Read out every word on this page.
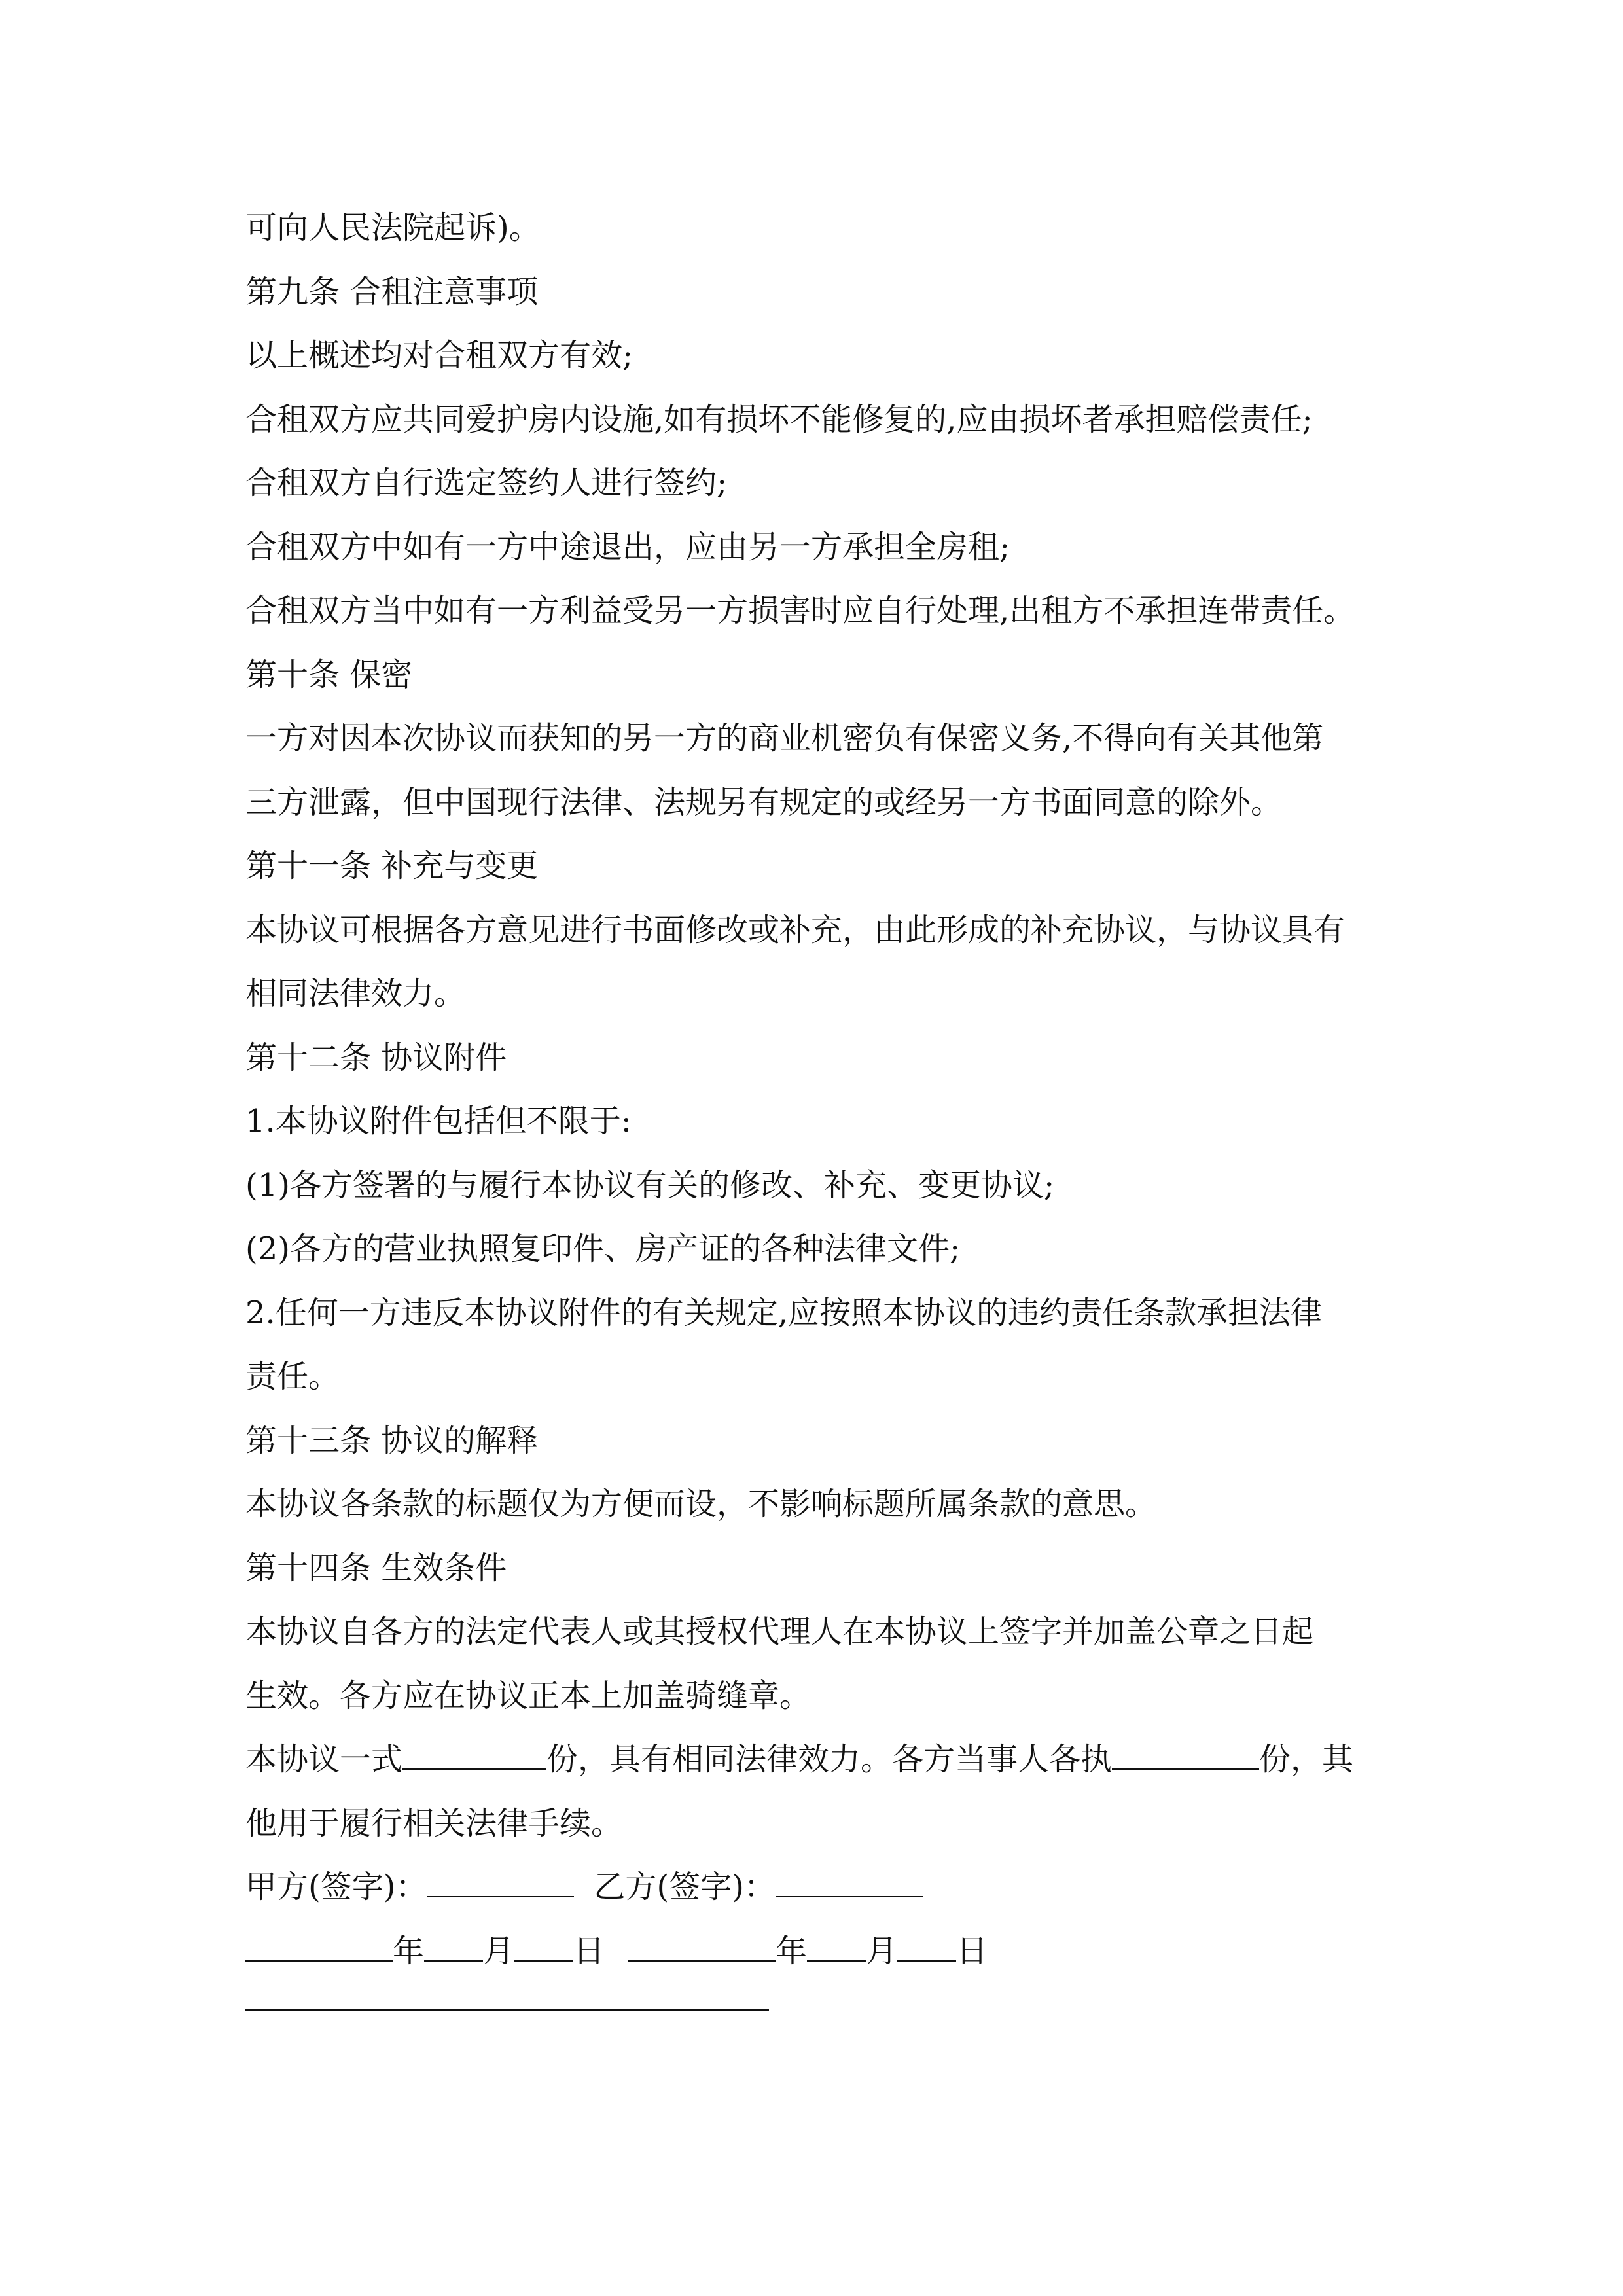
可向人民法院起诉)。
第九条 合租注意事项
以上概述均对合租双方有效;
合租双方应共同爱护房内设施,如有损坏不能修复的,应由损坏者承担赔偿责任;
合租双方自行选定签约人进行签约;
合租双方中如有一方中途退出，应由另一方承担全房租;
合租双方当中如有一方利益受另一方损害时应自行处理,出租方不承担连带责任。
第十条 保密
一方对因本次协议而获知的另一方的商业机密负有保密义务,不得向有关其他第
三方泄露，但中国现行法律、法规另有规定的或经另一方书面同意的除外。
第十一条 补充与变更
本协议可根据各方意见进行书面修改或补充，由此形成的补充协议，与协议具有
相同法律效力。
第十二条 协议附件
1.本协议附件包括但不限于:
(1)各方签署的与履行本协议有关的修改、补充、变更协议;
(2)各方的营业执照复印件、房产证的各种法律文件;
2.任何一方违反本协议附件的有关规定,应按照本协议的违约责任条款承担法律
责任。
第十三条 协议的解释
本协议各条款的标题仅为方便而设，不影响标题所属条款的意思。
第十四条 生效条件
本协议自各方的法定代表人或其授权代理人在本协议上签字并加盖公章之日起
生效。各方应在协议正本上加盖骑缝章。
本协议一式	份，具有相同法律效力。各方当事人各执	份，其
他用于履行相关法律手续。
甲方(签字)：	乙方(签字)：
年 月 日	年 月 日
